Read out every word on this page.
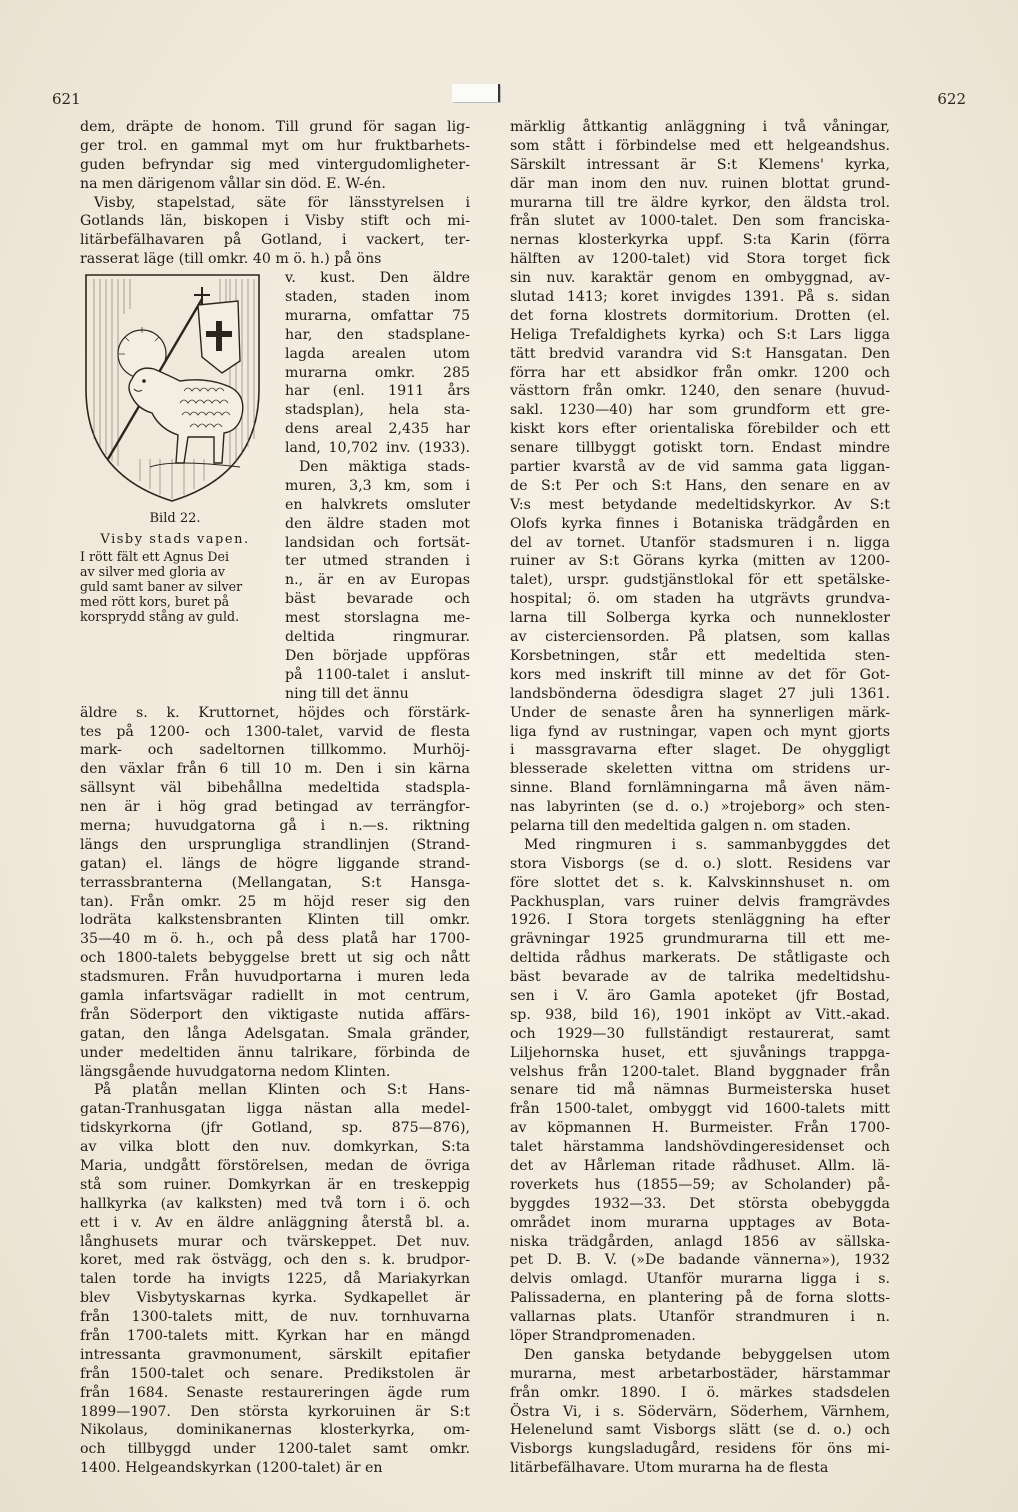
621	622
dem, dräpte de honom. Till grund för sagan lig-
ger trol. en gammal myt om hur fruktbarhets-
guden befryndar sig med vintergudomligheter-
na men därigenom vållar sin död. E. W-én.
Visby, stapelstad, säte för länsstyrelsen i
Gotlands län, biskopen i Visby stift och mi-
litärbefälhavaren på Gotland, i vackert, ter-
rasserat läge (till omkr. 40 m ö. h.) på öns
Bild 22.
Visby stads vapen.
I rött fält ett Agnus Dei
av silver med gloria av
guld samt baner av silver
med rött kors, buret på
korsprydd stång av guld.
v. kust. Den äldre
staden, staden inom
murarna, omfattar 75
har, den stadsplane-
lagda arealen utom
murarna omkr. 285
har (enl. 1911 års
stadsplan), hela sta-
dens areal 2,435 har
land, 10,702 inv. (1933).
Den mäktiga stads-
muren, 3,3 km, som i
en halvkrets omsluter
den äldre staden mot
landsidan och fortsät-
ter utmed stranden i
n., är en av Europas
bäst bevarade och
mest storslagna me-
deltida ringmurar.
Den började uppföras
på 1100-talet i anslut-
ning till det ännu
äldre s. k. Kruttornet, höjdes och förstärk-
tes på 1200- och 1300-talet, varvid de flesta
mark- och sadeltornen tillkommo. Murhöj-
den växlar från 6 till 10 m. Den i sin kärna
sällsynt väl bibehållna medeltida stadspla-
nen är i hög grad betingad av terrängfor-
merna; huvudgatorna gå i n.—s. riktning
längs den ursprungliga strandlinjen (Strand-
gatan) el. längs de högre liggande strand-
terrassbranterna (Mellangatan, S:t Hansga-
tan). Från omkr. 25 m höjd reser sig den
lodräta kalkstensbranten Klinten till omkr.
35—40 m ö. h., och på dess platå har 1700-
och 1800-talets bebyggelse brett ut sig och nått
stadsmuren. Från huvudportarna i muren leda
gamla infartsvägar radiellt in mot centrum,
från Söderport den viktigaste nutida affärs-
gatan, den långa Adelsgatan. Smala gränder,
under medeltiden ännu talrikare, förbinda de
längsgående huvudgatorna nedom Klinten.
På platån mellan Klinten och S:t Hans-
gatan-Tranhusgatan ligga nästan alla medel-
tidskyrkorna (jfr Gotland, sp. 875—876),
av vilka blott den nuv. domkyrkan, S:ta
Maria, undgått förstörelsen, medan de övriga
stå som ruiner. Domkyrkan är en treskeppig
hallkyrka (av kalksten) med två torn i ö. och
ett i v. Av en äldre anläggning återstå bl. a.
långhusets murar och tvärskeppet. Det nuv.
koret, med rak östvägg, och den s. k. brudpor-
talen torde ha invigts 1225, då Mariakyrkan
blev Visbytyskarnas kyrka. Sydkapellet är
från 1300-talets mitt, de nuv. tornhuvarna
från 1700-talets mitt. Kyrkan har en mängd
intressanta gravmonument, särskilt epitafier
från 1500-talet och senare. Predikstolen är
från 1684. Senaste restaureringen ägde rum
1899—1907. Den största kyrkoruinen är S:t
Nikolaus, dominikanernas klosterkyrka, om-
och tillbyggd under 1200-talet samt omkr.
1400. Helgeandskyrkan (1200-talet) är en
märklig åttkantig anläggning i två våningar,
som stått i förbindelse med ett helgeandshus.
Särskilt intressant är S:t Klemens' kyrka,
där man inom den nuv. ruinen blottat grund-
murarna till tre äldre kyrkor, den äldsta trol.
från slutet av 1000-talet. Den som franciska-
nernas klosterkyrka uppf. S:ta Karin (förra
hälften av 1200-talet) vid Stora torget fick
sin nuv. karaktär genom en ombyggnad, av-
slutad 1413; koret invigdes 1391. På s. sidan
det forna klostrets dormitorium. Drotten (el.
Heliga Trefaldighets kyrka) och S:t Lars ligga
tätt bredvid varandra vid S:t Hansgatan. Den
förra har ett absidkor från omkr. 1200 och
västtorn från omkr. 1240, den senare (huvud-
sakl. 1230—40) har som grundform ett gre-
kiskt kors efter orientaliska förebilder och ett
senare tillbyggt gotiskt torn. Endast mindre
partier kvarstå av de vid samma gata liggan-
de S:t Per och S:t Hans, den senare en av
V:s mest betydande medeltidskyrkor. Av S:t
Olofs kyrka finnes i Botaniska trädgården en
del av tornet. Utanför stadsmuren i n. ligga
ruiner av S:t Görans kyrka (mitten av 1200-
talet), urspr. gudstjänstlokal för ett spetälske-
hospital; ö. om staden ha utgrävts grundva-
larna till Solberga kyrka och nunnekloster
av cisterciensorden. På platsen, som kallas
Korsbetningen, står ett medeltida sten-
kors med inskrift till minne av det för Got-
landsbönderna ödesdigra slaget 27 juli 1361.
Under de senaste åren ha synnerligen märk-
liga fynd av rustningar, vapen och mynt gjorts
i massgravarna efter slaget. De ohyggligt
blesserade skeletten vittna om stridens ur-
sinne. Bland fornlämningarna må även näm-
nas labyrinten (se d. o.) »trojeborg» och sten-
pelarna till den medeltida galgen n. om staden.
Med ringmuren i s. sammanbyggdes det
stora Visborgs (se d. o.) slott. Residens var
före slottet det s. k. Kalvskinnshuset n. om
Packhusplan, vars ruiner delvis framgrävdes
1926. I Stora torgets stenläggning ha efter
grävningar 1925 grundmurarna till ett me-
deltida rådhus markerats. De ståtligaste och
bäst bevarade av de talrika medeltidshu-
sen i V. äro Gamla apoteket (jfr Bostad,
sp. 938, bild 16), 1901 inköpt av Vitt.-akad.
och 1929—30 fullständigt restaurerat, samt
Liljehornska huset, ett sjuvånings trappga-
velshus från 1200-talet. Bland byggnader från
senare tid må nämnas Burmeisterska huset
från 1500-talet, ombyggt vid 1600-talets mitt
av köpmannen H. Burmeister. Från 1700-
talet härstamma landshövdingeresidenset och
det av Hårleman ritade rådhuset. Allm. lä-
roverkets hus (1855—59; av Scholander) på-
byggdes 1932—33. Det största obebyggda
området inom murarna upptages av Bota-
niska trädgården, anlagd 1856 av sällska-
pet D. B. V. (»De badande vännerna»), 1932
delvis omlagd. Utanför murarna ligga i s.
Palissaderna, en plantering på de forna slotts-
vallarnas plats. Utanför strandmuren i n.
löper Strandpromenaden.
Den ganska betydande bebyggelsen utom
murarna, mest arbetarbostäder, härstammar
från omkr. 1890. I ö. märkes stadsdelen
Östra Vi, i s. Södervärn, Söderhem, Värnhem,
Helenelund samt Visborgs slätt (se d. o.) och
Visborgs kungsladugård, residens för öns mi-
litärbefälhavare. Utom murarna ha de flesta
